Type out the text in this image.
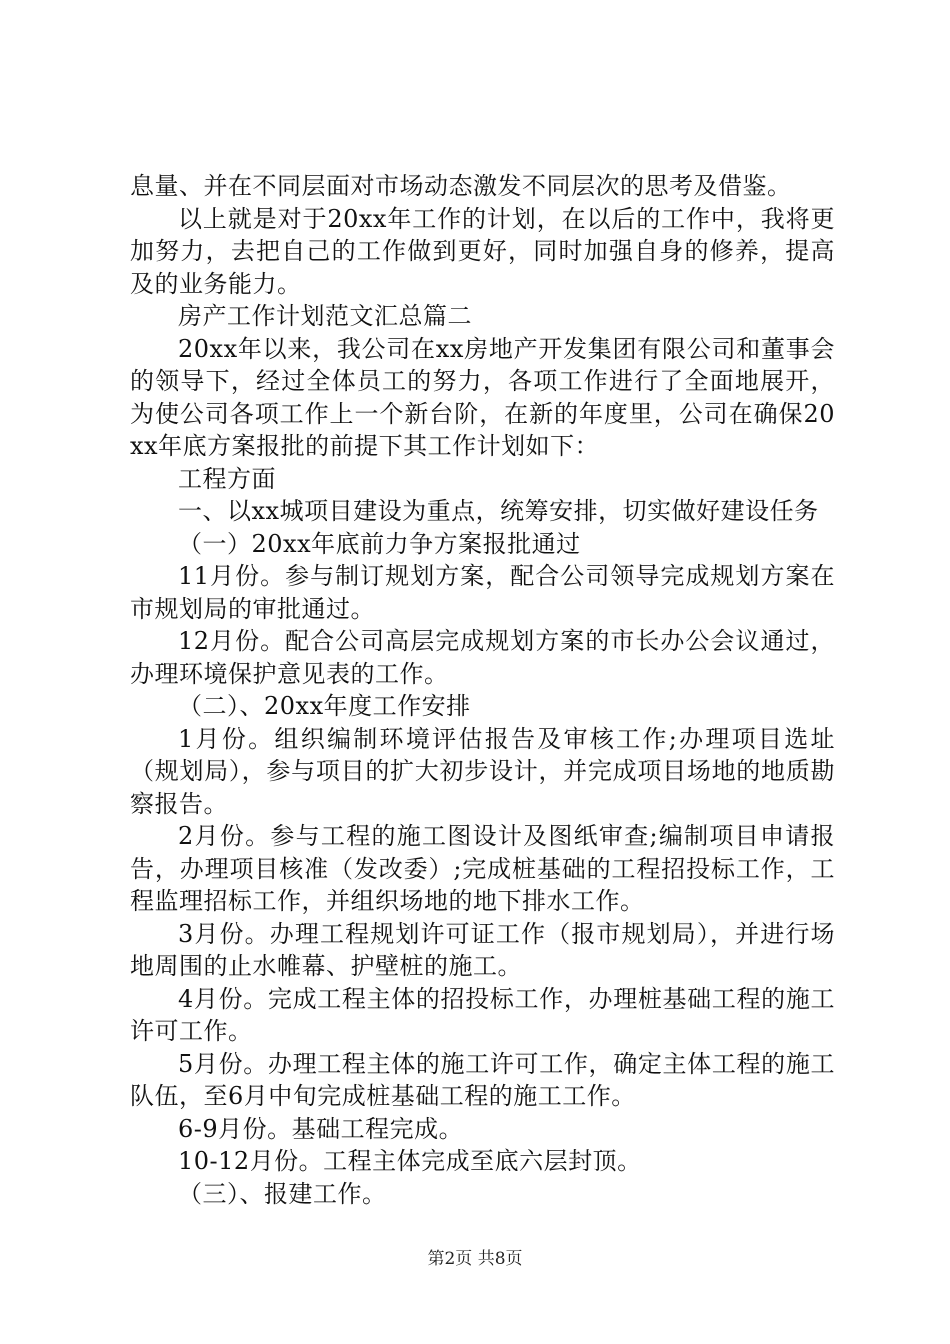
息量、并在不同层面对市场动态激发不同层次的思考及借鉴。

以上就是对于20xx年工作的计划，在以后的工作中，我将更加努力，去把自己的工作做到更好，同时加强自身的修养，提高及的业务能力。

房产工作计划范文汇总篇二

20xx年以来，我公司在xx房地产开发集团有限公司和董事会的领导下，经过全体员工的努力，各项工作进行了全面地展开，为使公司各项工作上一个新台阶，在新的年度里，公司在确保20xx年底方案报批的前提下其工作计划如下：

工程方面

一、以xx城项目建设为重点，统筹安排，切实做好建设任务

（一）20xx年底前力争方案报批通过

11月份。参与制订规划方案，配合公司领导完成规划方案在市规划局的审批通过。

12月份。配合公司高层完成规划方案的市长办公会议通过，办理环境保护意见表的工作。

（二）、20xx年度工作安排

1月份。组织编制环境评估报告及审核工作;办理项目选址（规划局），参与项目的扩大初步设计，并完成项目场地的地质勘察报告。

2月份。参与工程的施工图设计及图纸审查;编制项目申请报告，办理项目核准（发改委）;完成桩基础的工程招投标工作，工程监理招标工作，并组织场地的地下排水工作。

3月份。办理工程规划许可证工作（报市规划局），并进行场地周围的止水帷幕、护壁桩的施工。

4月份。完成工程主体的招投标工作，办理桩基础工程的施工许可工作。

5月份。办理工程主体的施工许可工作，确定主体工程的施工队伍，至6月中旬完成桩基础工程的施工工作。

6-9月份。基础工程完成。

10-12月份。工程主体完成至底六层封顶。

（三）、报建工作。

第2页 共8页
